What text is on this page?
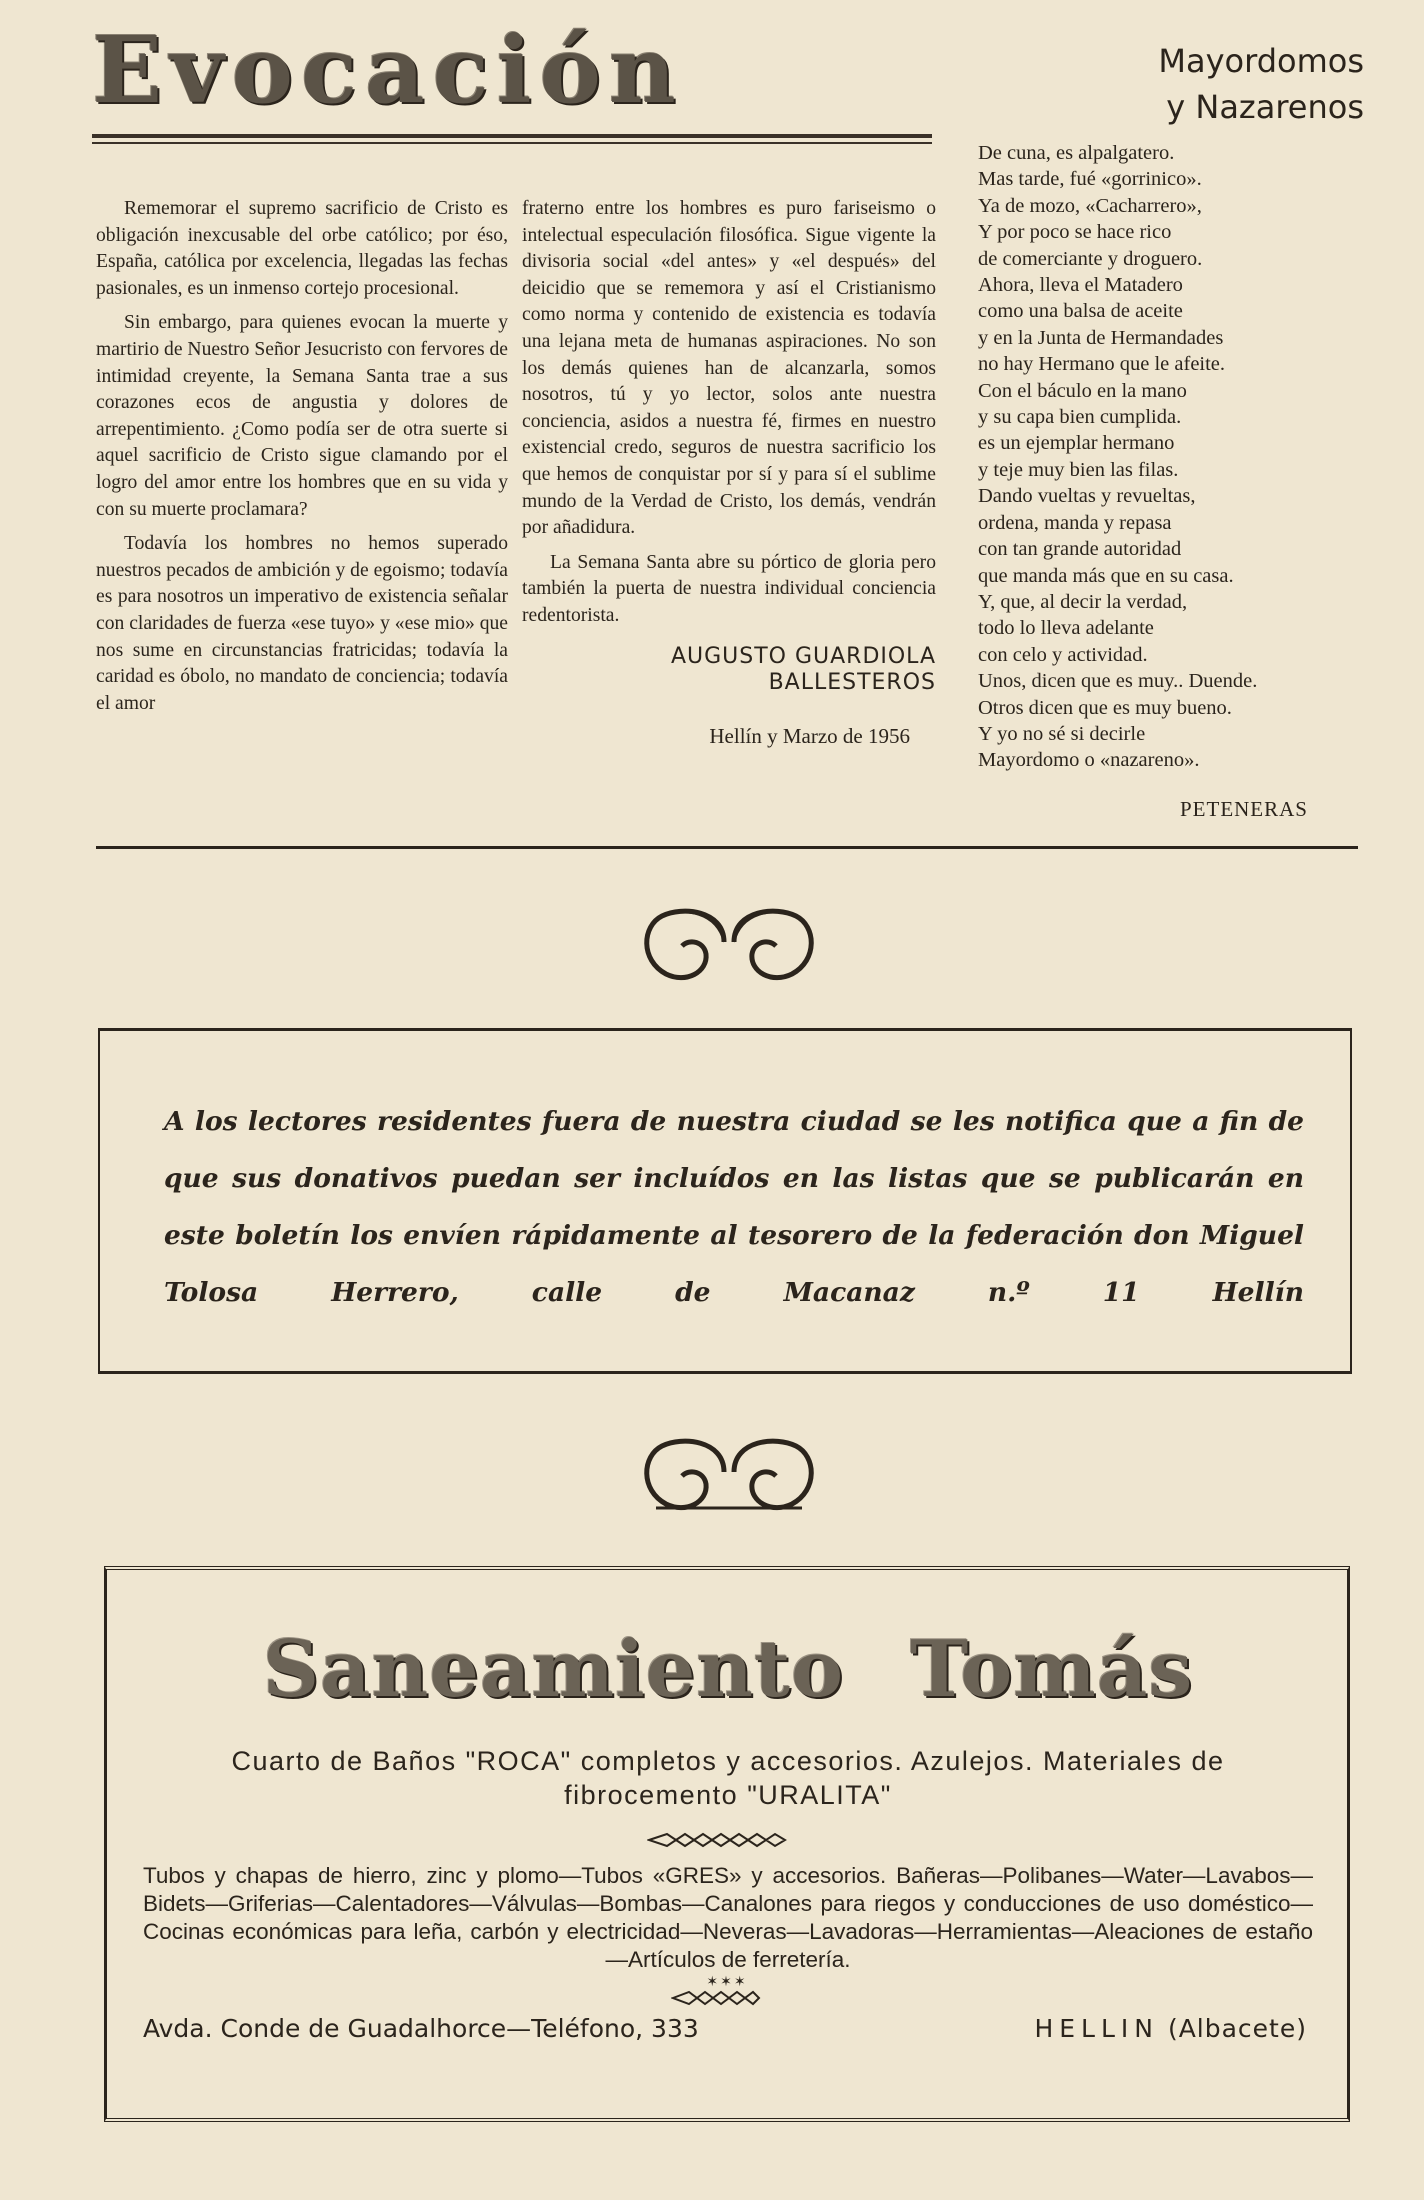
Evocación	Mayordomos
y Nazarenos

Rememorar el supremo sacrificio de Cristo es obligación inexcusable del orbe católico; por éso, España, católica por excelencia, llegadas las fechas pasionales, es un inmenso cortejo procesional.

Sin embargo, para quienes evocan la muerte y martirio de Nuestro Señor Jesucristo con fervores de intimidad creyente, la Semana Santa trae a sus corazones ecos de angustia y dolores de arrepentimiento. ¿Como podía ser de otra suerte si aquel sacrificio de Cristo sigue clamando por el logro del amor entre los hombres que en su vida y con su muerte proclamara?

Todavía los hombres no hemos superado nuestros pecados de ambición y de egoismo; todavía es para nosotros un imperativo de existencia señalar con claridades de fuerza «ese tuyo» y «ese mio» que nos sume en circunstancias fratricidas; todavía la caridad es óbolo, no mandato de conciencia; todavía el amor

fraterno entre los hombres es puro fariseismo o intelectual especulación filosófica. Sigue vigente la divisoria social «del antes» y «el después» del deicidio que se rememora y así el Cristianismo como norma y contenido de existencia es todavía una lejana meta de humanas aspiraciones. No son los demás quienes han de alcanzarla, somos nosotros, tú y yo lector, solos ante nuestra conciencia, asidos a nuestra fé, firmes en nuestro existencial credo, seguros de nuestra sacrificio los que hemos de conquistar por sí y para sí el sublime mundo de la Verdad de Cristo, los demás, vendrán por añadidura.

La Semana Santa abre su pórtico de gloria pero también la puerta de nuestra individual conciencia redentorista.

AUGUSTO GUARDIOLA BALLESTEROS

Hellín y Marzo de 1956

De cuna, es alpalgatero.
Mas tarde, fué «gorrinico».
Ya de mozo, «Cacharrero»,
Y por poco se hace rico
de comerciante y droguero.
Ahora, lleva el Matadero
como una balsa de aceite
y en la Junta de Hermandades
no hay Hermano que le afeite.
Con el báculo en la mano
y su capa bien cumplida.
es un ejemplar hermano
y teje muy bien las filas.
Dando vueltas y revueltas,
ordena, manda y repasa
con tan grande autoridad
que manda más que en su casa.
Y, que, al decir la verdad,
todo lo lleva adelante
con celo y actividad.
Unos, dicen que es muy.. Duende.
Otros dicen que es muy bueno.
Y yo no sé si decirle
Mayordomo o «nazareno».
PETENERAS
A los lectores residentes fuera de nuestra ciudad se les notifica que a fin de que sus donativos puedan ser incluídos en las listas que se publicarán en este boletín los envíen rápidamente al tesorero de la federación don Miguel Tolosa Herrero, calle de Macanaz n.º 11 Hellín
Saneamiento Tomás
Cuarto de Baños "ROCA" completos y accesorios. Azulejos. Materiales de fibrocemento "URALITA"
Tubos y chapas de hierro, zinc y plomo—Tubos «GRES» y accesorios. Bañeras—Polibanes—Water—Lavabos—Bidets—Griferias—Calentadores—Válvulas—Bombas—Canalones para riegos y conducciones de uso doméstico—Cocinas económicas para leña, carbón y electricidad—Neveras—Lavadoras—Herramientas—Aleaciones de estaño—Artículos de ferretería.
✶✶✶
Avda. Conde de Guadalhorce—Teléfono, 333	HELLIN (Albacete)
